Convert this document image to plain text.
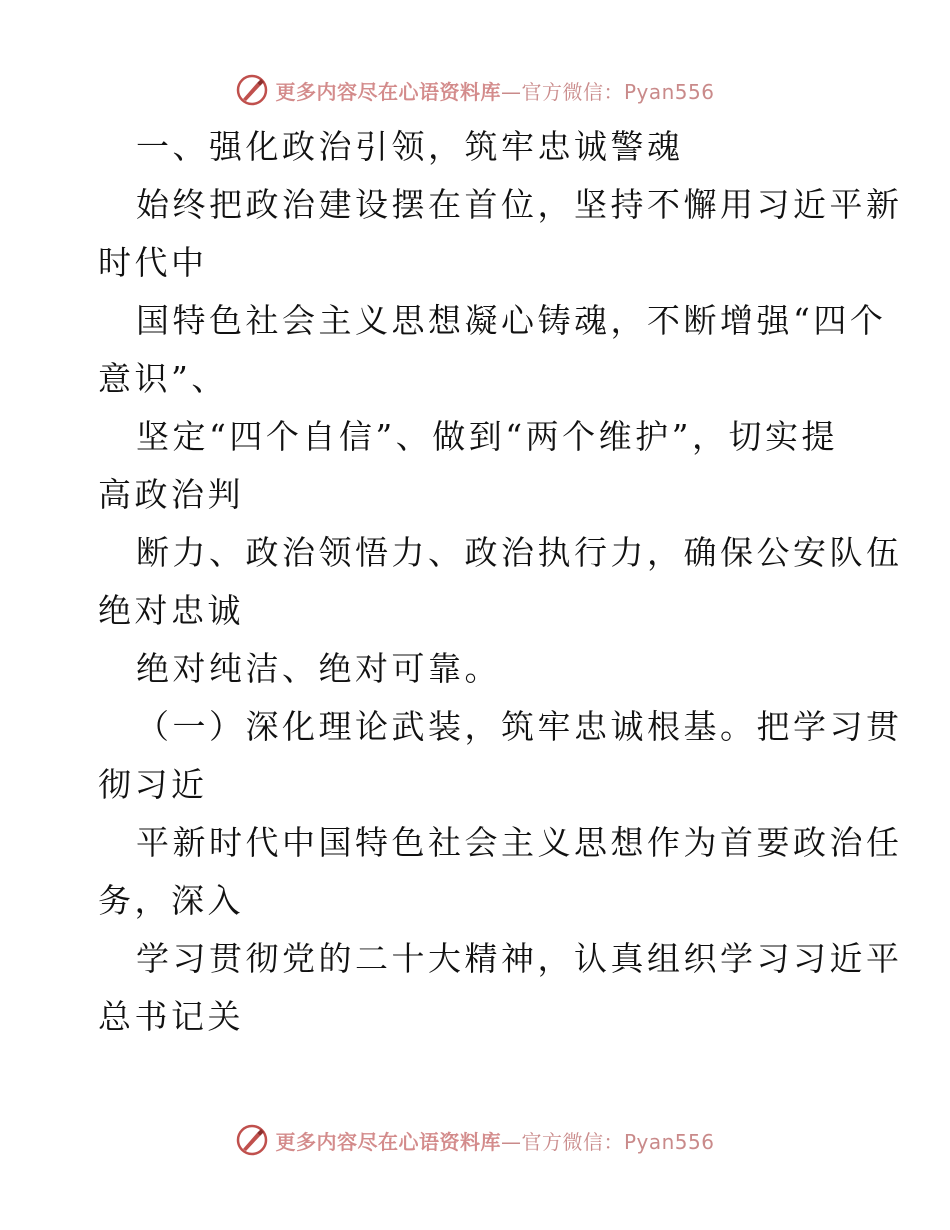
更多内容尽在心语资料库—官方微信：Pyan556
一、强化政治引领，筑牢忠诚警魂
始终把政治建设摆在首位，坚持不懈用习近平新
时代中
国特色社会主义思想凝心铸魂，不断增强“四个
意识”、
坚定“四个自信”、做到“两个维护”，切实提
高政治判
断力、政治领悟力、政治执行力，确保公安队伍
绝对忠诚
绝对纯洁、绝对可靠。
（一）深化理论武装，筑牢忠诚根基。把学习贯
彻习近
平新时代中国特色社会主义思想作为首要政治任
务，深入
学习贯彻党的二十大精神，认真组织学习习近平
总书记关
更多内容尽在心语资料库—官方微信：Pyan556
